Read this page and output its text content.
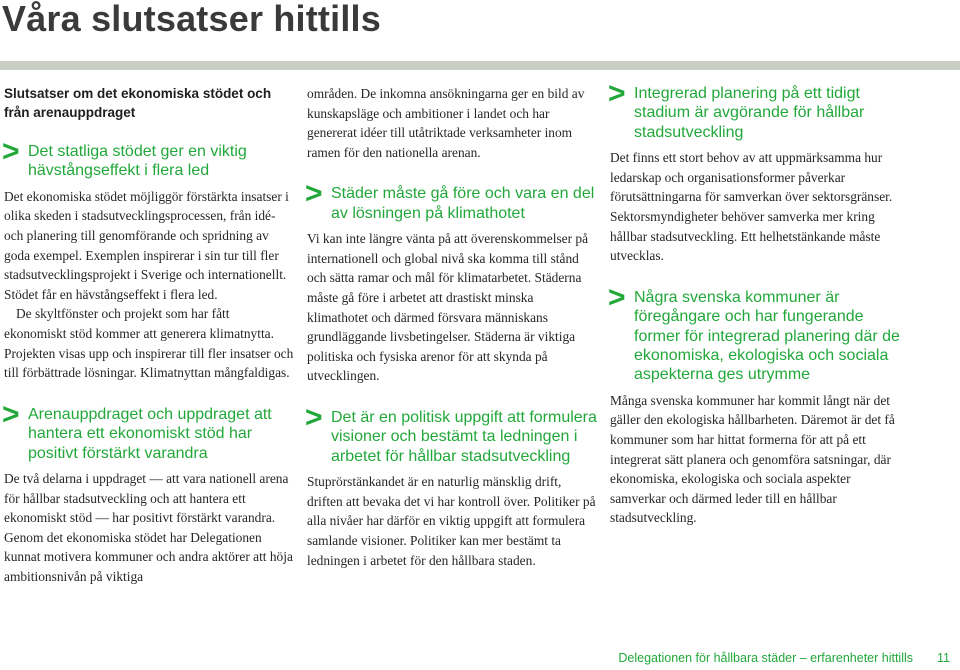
Våra slutsatser hittills
Slutsatser om det ekonomiska stödet och från arenauppdraget
> Det statliga stödet ger en viktig hävstångseffekt i flera led

Det ekonomiska stödet möjliggör förstärkta insatser i olika skeden i stadsutvecklingsprocessen, från idé- och planering till genomförande och spridning av goda exempel. Exemplen inspirerar i sin tur till fler stadsutvecklingsprojekt i Sverige och internationellt. Stödet får en hävstångseffekt i flera led.

De skyltfönster och projekt som har fått ekonomiskt stöd kommer att generera klimatnytta. Projekten visas upp och inspirerar till fler insatser och till förbättrade lösningar. Klimatnyttan mångfaldigas.

> Arenauppdraget och uppdraget att hantera ett ekonomiskt stöd har positivt förstärkt varandra

De två delarna i uppdraget — att vara nationell arena för hållbar stadsutveckling och att hantera ett ekonomiskt stöd — har positivt förstärkt varandra. Genom det ekonomiska stödet har Delegationen kunnat motivera kommuner och andra aktörer att höja ambitionsnivån på viktiga

områden. De inkomna ansökningarna ger en bild av kunskapsläge och ambitioner i landet och har genererat idéer till utåtriktade verksamheter inom ramen för den nationella arenan.

> Städer måste gå före och vara en del av lösningen på klimathotet

Vi kan inte längre vänta på att överenskommelser på internationell och global nivå ska komma till stånd och sätta ramar och mål för klimatarbetet. Städerna måste gå före i arbetet att drastiskt minska klimathotet och därmed försvara människans grundläggande livsbetingelser. Städerna är viktiga politiska och fysiska arenor för att skynda på utvecklingen.

> Det är en politisk uppgift att formulera visioner och bestämt ta ledningen i arbetet för hållbar stadsutveckling

Stuprörstänkandet är en naturlig mänsklig drift, driften att bevaka det vi har kontroll över. Politiker på alla nivåer har därför en viktig uppgift att formulera samlande visioner. Politiker kan mer bestämt ta ledningen i arbetet för den hållbara staden.

> Integrerad planering på ett tidigt stadium är avgörande för hållbar stadsutveckling

Det finns ett stort behov av att uppmärksamma hur ledarskap och organisationsformer påverkar förutsättningarna för samverkan över sektorsgränser. Sektorsmyndigheter behöver samverka mer kring hållbar stadsutveckling. Ett helhetstänkande måste utvecklas.

> Några svenska kommuner är föregångare och har fungerande former för integrerad planering där de ekonomiska, ekologiska och sociala aspekterna ges utrymme

Många svenska kommuner har kommit långt när det gäller den ekologiska hållbarheten. Däremot är det få kommuner som har hittat formerna för att på ett integrerat sätt planera och genomföra satsningar, där ekonomiska, ekologiska och sociala aspekter samverkar och därmed leder till en hållbar stadsutveckling.

Delegationen för hållbara städer – erfarenheter hittills 11
